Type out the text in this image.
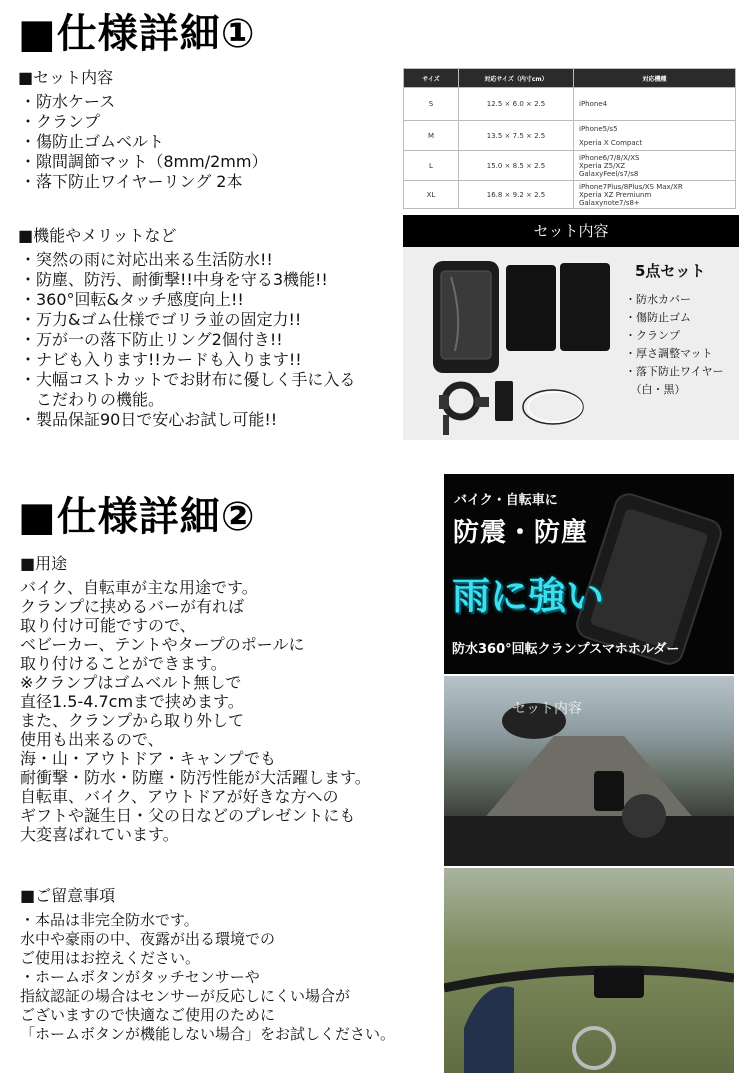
■仕様詳細①
■セット内容
・防水ケース
・クランプ
・傷防止ゴムベルト
・隙間調節マット（8mm/2mm）
・落下防止ワイヤーリング 2本
■機能やメリットなど
・突然の雨に対応出来る生活防水!!
・防塵、防汚、耐衝撃!!中身を守る3機能!!
・360°回転&タッチ感度向上!!
・万力&ゴム仕様でゴリラ並の固定力!!
・万が一の落下防止リング2個付き!!
・ナビも入ります!!カードも入ります!!
・大幅コストカットでお財布に優しく手に入る
　こだわりの機能。
・製品保証90日で安心お試し可能!!
サイズ	対応サイズ（内寸cm）	対応機種
S	12.5 × 6.0 × 2.5	iPhone4

M	13.5 × 7.5 × 2.5	iPhone5/s5
Xperia X Compact

L	15.0 × 8.5 × 2.5	iPhone6/7/8/X/XS
Xperia Z5/XZ
GalaxyFeel/s7/s8

XL	16.8 × 9.2 × 2.5	iPhone7Plus/8Plus/XS Max/XR
Xperia XZ Premiunm
Galaxynote7/s8+
セット内容
5点セット
・防水カバー
・傷防止ゴム
・クランプ
・厚さ調整マット
・落下防止ワイヤー
　（白・黒）
■仕様詳細②
■用途
バイク、自転車が主な用途です。
クランプに挟めるバーが有れば
取り付け可能ですので、
ベビーカー、テントやタープのポールに
取り付けることができます。
※クランプはゴムベルト無しで
直径1.5-4.7cmまで挟めます。
また、クランプから取り外して
使用も出来るので、
海・山・アウトドア・キャンプでも
耐衝撃・防水・防塵・防汚性能が大活躍します。
自転車、バイク、アウトドアが好きな方への
ギフトや誕生日・父の日などのプレゼントにも
大変喜ばれています。
■ご留意事項
・本品は非完全防水です。
水中や豪雨の中、夜露が出る環境での
ご使用はお控えください。
・ホームボタンがタッチセンサーや
指紋認証の場合はセンサーが反応しにくい場合が
ございますので快適なご使用のために
「ホームボタンが機能しない場合」をお試しください。
バイク・自転車に
防震・防塵
雨に強い
防水360°回転クランプスマホホルダー
セット内容
